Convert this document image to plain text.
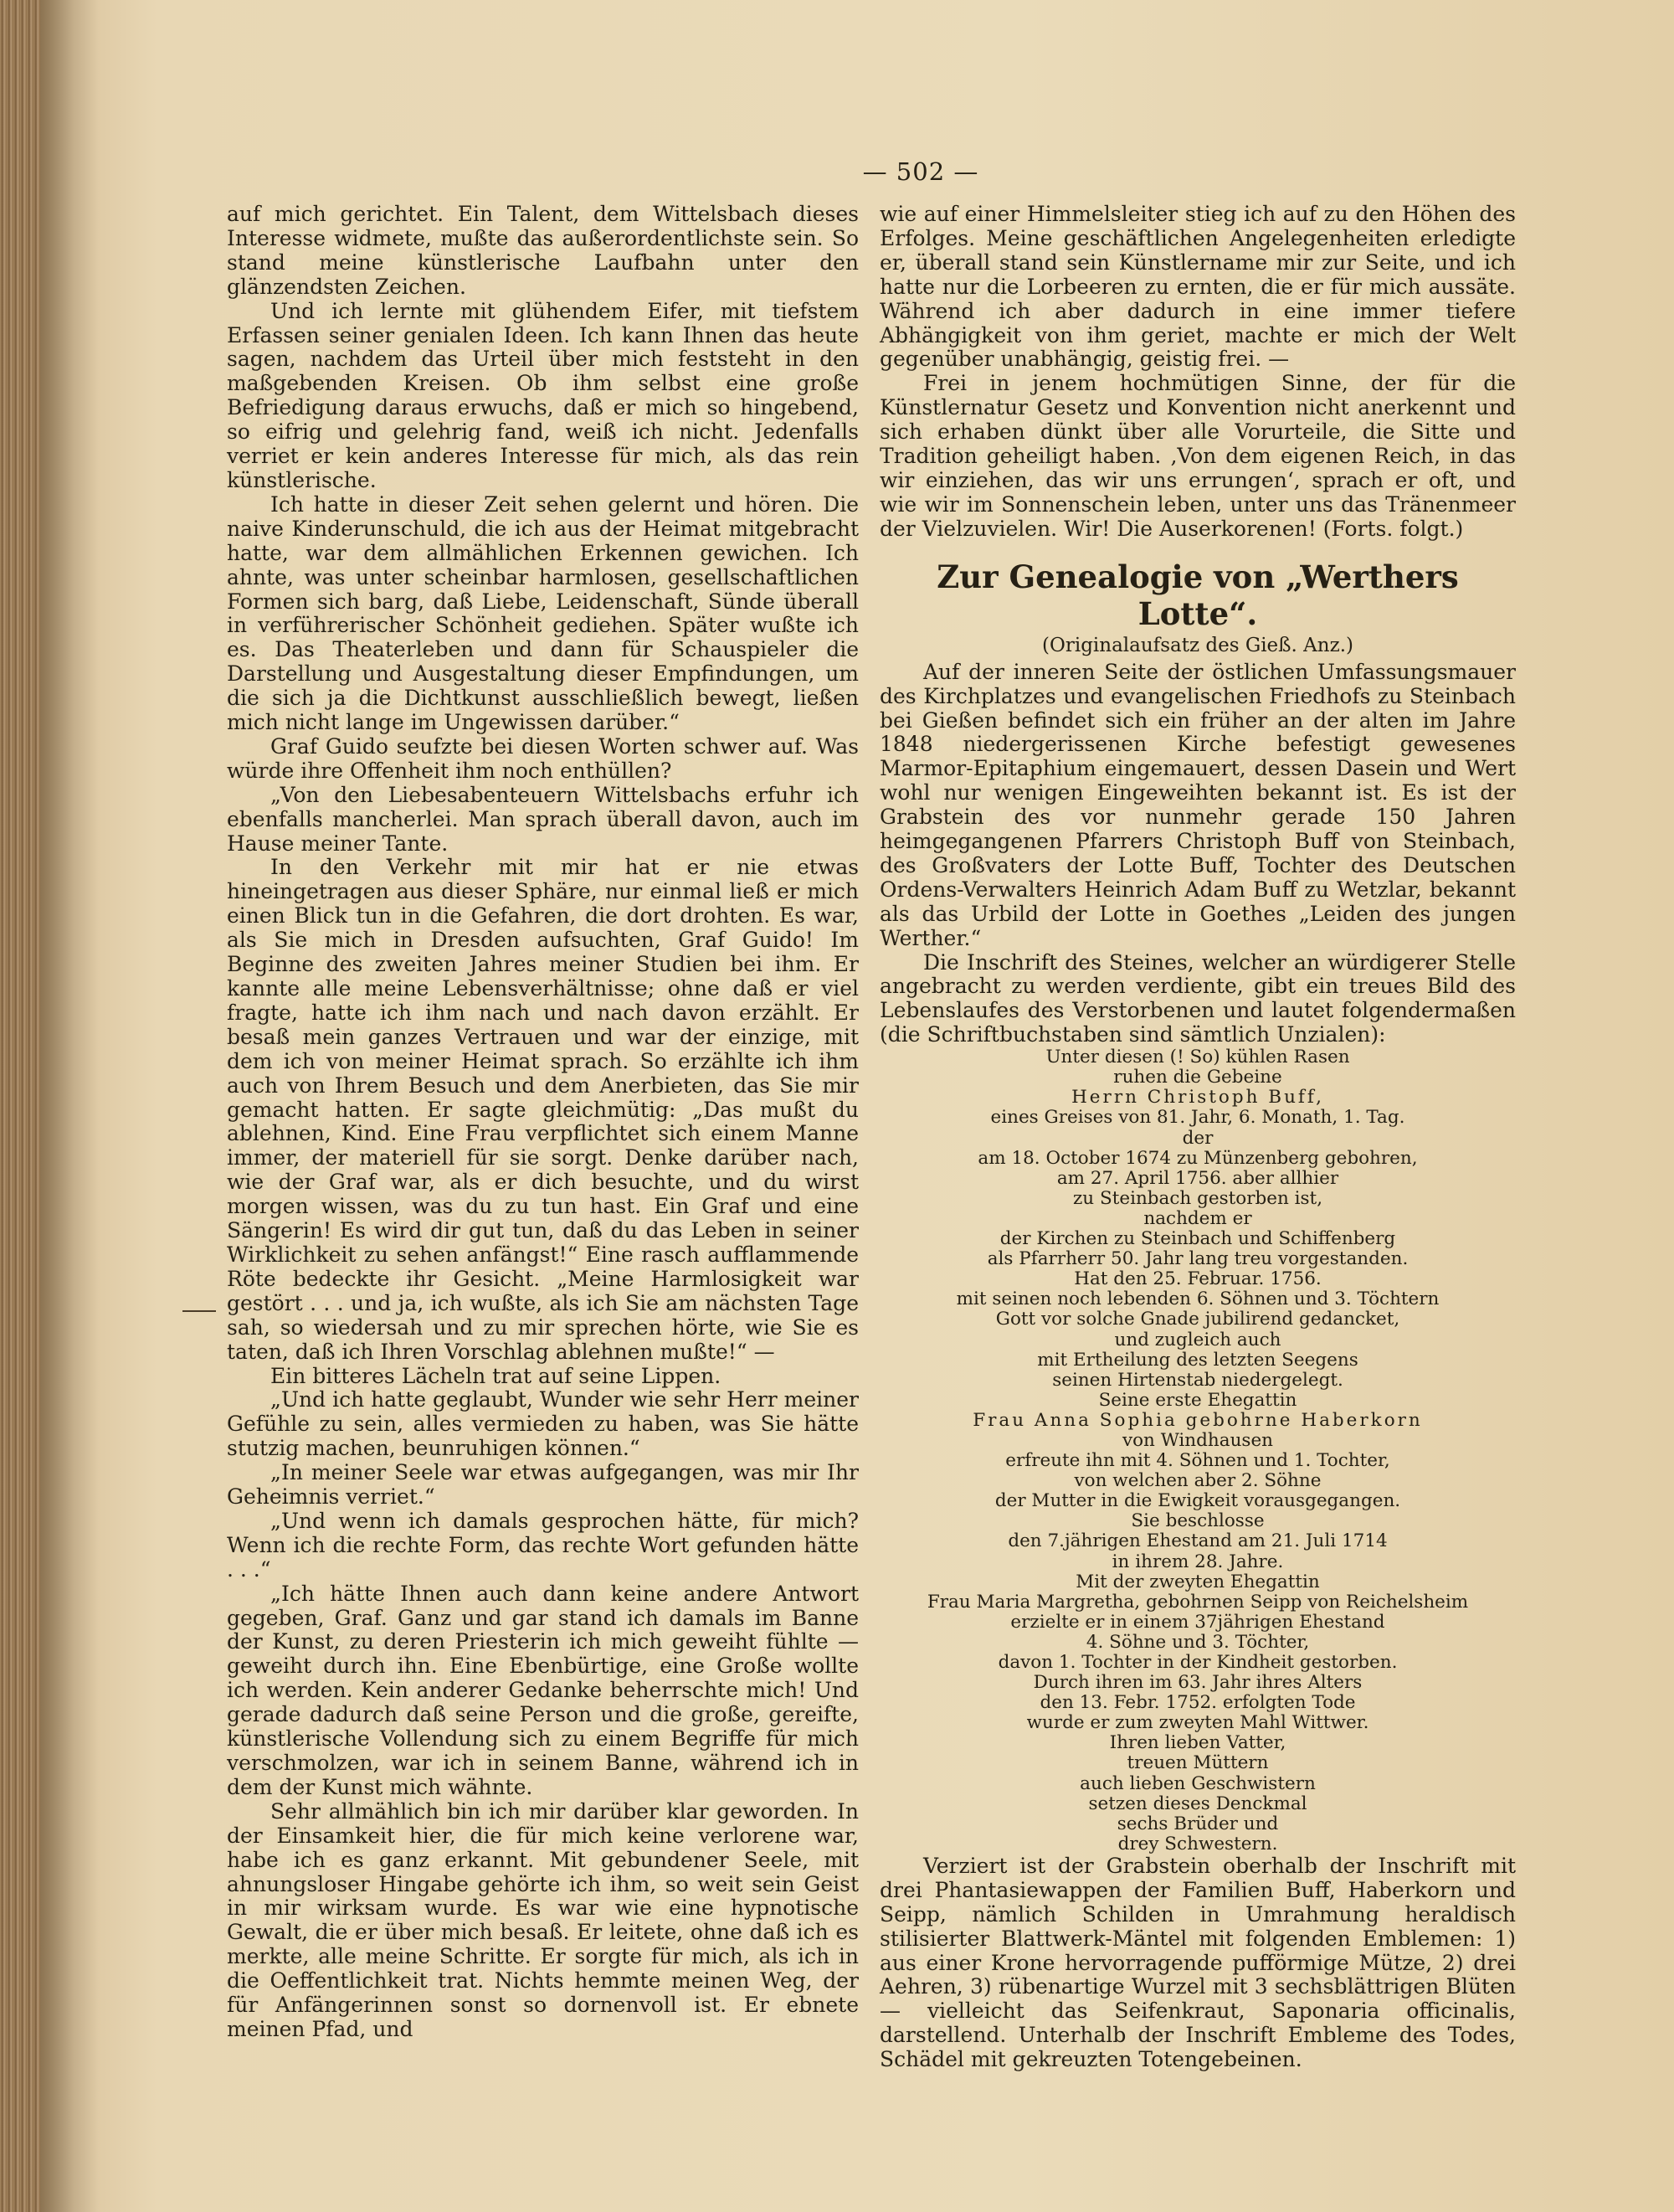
— 502 —

auf mich gerichtet. Ein Talent, dem Wittelsbach dieses Interesse widmete, mußte das außerordentlichste sein. So stand meine künstlerische Laufbahn unter den glänzendsten Zeichen.

Und ich lernte mit glühendem Eifer, mit tiefstem Erfassen seiner genialen Ideen. Ich kann Ihnen das heute sagen, nachdem das Urteil über mich feststeht in den maßgebenden Kreisen. Ob ihm selbst eine große Befriedigung daraus erwuchs, daß er mich so hingebend, so eifrig und gelehrig fand, weiß ich nicht. Jedenfalls verriet er kein anderes Interesse für mich, als das rein künstlerische.

Ich hatte in dieser Zeit sehen gelernt und hören. Die naive Kinderunschuld, die ich aus der Heimat mitgebracht hatte, war dem allmählichen Erkennen gewichen. Ich ahnte, was unter scheinbar harmlosen, gesellschaftlichen Formen sich barg, daß Liebe, Leidenschaft, Sünde überall in verführerischer Schönheit gediehen. Später wußte ich es. Das Theaterleben und dann für Schauspieler die Darstellung und Ausgestaltung dieser Empfindungen, um die sich ja die Dichtkunst ausschließlich bewegt, ließen mich nicht lange im Ungewissen darüber.“

Graf Guido seufzte bei diesen Worten schwer auf. Was würde ihre Offenheit ihm noch enthüllen?

„Von den Liebesabenteuern Wittelsbachs erfuhr ich ebenfalls mancherlei. Man sprach überall davon, auch im Hause meiner Tante.

In den Verkehr mit mir hat er nie etwas hineingetragen aus dieser Sphäre, nur einmal ließ er mich einen Blick tun in die Gefahren, die dort drohten. Es war, als Sie mich in Dresden aufsuchten, Graf Guido! Im Beginne des zweiten Jahres meiner Studien bei ihm. Er kannte alle meine Lebensverhältnisse; ohne daß er viel fragte, hatte ich ihm nach und nach davon erzählt. Er besaß mein ganzes Vertrauen und war der einzige, mit dem ich von meiner Heimat sprach. So erzählte ich ihm auch von Ihrem Besuch und dem Anerbieten, das Sie mir gemacht hatten. Er sagte gleichmütig: „Das mußt du ablehnen, Kind. Eine Frau verpflichtet sich einem Manne immer, der materiell für sie sorgt. Denke darüber nach, wie der Graf war, als er dich besuchte, und du wirst morgen wissen, was du zu tun hast. Ein Graf und eine Sängerin! Es wird dir gut tun, daß du das Leben in seiner Wirklichkeit zu sehen anfängst!“ Eine rasch aufflammende Röte bedeckte ihr Gesicht. „Meine Harmlosigkeit war gestört . . . und ja, ich wußte, als ich Sie am nächsten Tage sah, so wiedersah und zu mir sprechen hörte, wie Sie es taten, daß ich Ihren Vorschlag ablehnen mußte!“ —

Ein bitteres Lächeln trat auf seine Lippen.

„Und ich hatte geglaubt, Wunder wie sehr Herr meiner Gefühle zu sein, alles vermieden zu haben, was Sie hätte stutzig machen, beunruhigen können.“

„In meiner Seele war etwas aufgegangen, was mir Ihr Geheimnis verriet.“

„Und wenn ich damals gesprochen hätte, für mich? Wenn ich die rechte Form, das rechte Wort gefunden hätte . . .“

„Ich hätte Ihnen auch dann keine andere Antwort gegeben, Graf. Ganz und gar stand ich damals im Banne der Kunst, zu deren Priesterin ich mich geweiht fühlte — geweiht durch ihn. Eine Ebenbürtige, eine Große wollte ich werden. Kein anderer Gedanke beherrschte mich! Und gerade dadurch daß seine Person und die große, gereifte, künstlerische Vollendung sich zu einem Begriffe für mich verschmolzen, war ich in seinem Banne, während ich in dem der Kunst mich wähnte.

Sehr allmählich bin ich mir darüber klar geworden. In der Einsamkeit hier, die für mich keine verlorene war, habe ich es ganz erkannt. Mit gebundener Seele, mit ahnungsloser Hingabe gehörte ich ihm, so weit sein Geist in mir wirksam wurde. Es war wie eine hypnotische Gewalt, die er über mich besaß. Er leitete, ohne daß ich es merkte, alle meine Schritte. Er sorgte für mich, als ich in die Oeffentlichkeit trat. Nichts hemmte meinen Weg, der für Anfängerinnen sonst so dornenvoll ist. Er ebnete meinen Pfad, und

wie auf einer Himmelsleiter stieg ich auf zu den Höhen des Erfolges. Meine geschäftlichen Angelegenheiten erledigte er, überall stand sein Künstlername mir zur Seite, und ich hatte nur die Lorbeeren zu ernten, die er für mich aussäte. Während ich aber dadurch in eine immer tiefere Abhängigkeit von ihm geriet, machte er mich der Welt gegenüber unabhängig, geistig frei. —

Frei in jenem hochmütigen Sinne, der für die Künstlernatur Gesetz und Konvention nicht anerkennt und sich erhaben dünkt über alle Vorurteile, die Sitte und Tradition geheiligt haben. ‚Von dem eigenen Reich, in das wir einziehen, das wir uns errungen‘, sprach er oft, und wie wir im Sonnenschein leben, unter uns das Tränenmeer der Vielzuvielen. Wir! Die Auserkorenen! (Forts. folgt.)

Zur Genealogie von „Werthers Lotte“.
(Originalaufsatz des Gieß. Anz.)

Auf der inneren Seite der östlichen Umfassungsmauer des Kirchplatzes und evangelischen Friedhofs zu Steinbach bei Gießen befindet sich ein früher an der alten im Jahre 1848 niedergerissenen Kirche befestigt gewesenes Marmor-Epitaphium eingemauert, dessen Dasein und Wert wohl nur wenigen Eingeweihten bekannt ist. Es ist der Grabstein des vor nunmehr gerade 150 Jahren heimgegangenen Pfarrers Christoph Buff von Steinbach, des Großvaters der Lotte Buff, Tochter des Deutschen Ordens-Verwalters Heinrich Adam Buff zu Wetzlar, bekannt als das Urbild der Lotte in Goethes „Leiden des jungen Werther.“

Die Inschrift des Steines, welcher an würdigerer Stelle angebracht zu werden verdiente, gibt ein treues Bild des Lebenslaufes des Verstorbenen und lautet folgendermaßen (die Schriftbuchstaben sind sämtlich Unzialen):

Unter diesen (! So) kühlen Rasen
ruhen die Gebeine
Herrn Christoph Buff,
eines Greises von 81. Jahr, 6. Monath, 1. Tag.
der
am 18. October 1674 zu Münzenberg gebohren,
am 27. April 1756. aber allhier
zu Steinbach gestorben ist,
nachdem er
der Kirchen zu Steinbach und Schiffenberg
als Pfarrherr 50. Jahr lang treu vorgestanden.
Hat den 25. Februar. 1756.
mit seinen noch lebenden 6. Söhnen und 3. Töchtern
Gott vor solche Gnade jubilirend gedancket,
und zugleich auch
mit Ertheilung des letzten Seegens
seinen Hirtenstab niedergelegt.
Seine erste Ehegattin
Frau Anna Sophia gebohrne Haberkorn
von Windhausen
erfreute ihn mit 4. Söhnen und 1. Tochter,
von welchen aber 2. Söhne
der Mutter in die Ewigkeit vorausgegangen.
Sie beschlosse
den 7.jährigen Ehestand am 21. Juli 1714
in ihrem 28. Jahre.
Mit der zweyten Ehegattin
Frau Maria Margretha, gebohrnen Seipp von Reichelsheim
erzielte er in einem 37jährigen Ehestand
4. Söhne und 3. Töchter,
davon 1. Tochter in der Kindheit gestorben.
Durch ihren im 63. Jahr ihres Alters
den 13. Febr. 1752. erfolgten Tode
wurde er zum zweyten Mahl Wittwer.
Ihren lieben Vatter,
treuen Müttern
auch lieben Geschwistern
setzen dieses Denckmal
sechs Brüder und
drey Schwestern.

Verziert ist der Grabstein oberhalb der Inschrift mit drei Phantasiewappen der Familien Buff, Haberkorn und Seipp, nämlich Schilden in Umrahmung heraldisch stilisierter Blattwerk-Mäntel mit folgenden Emblemen: 1) aus einer Krone hervorragende pufförmige Mütze, 2) drei Aehren, 3) rübenartige Wurzel mit 3 sechsblättrigen Blüten — vielleicht das Seifenkraut, Saponaria officinalis, darstellend. Unterhalb der Inschrift Embleme des Todes, Schädel mit gekreuzten Totengebeinen.
